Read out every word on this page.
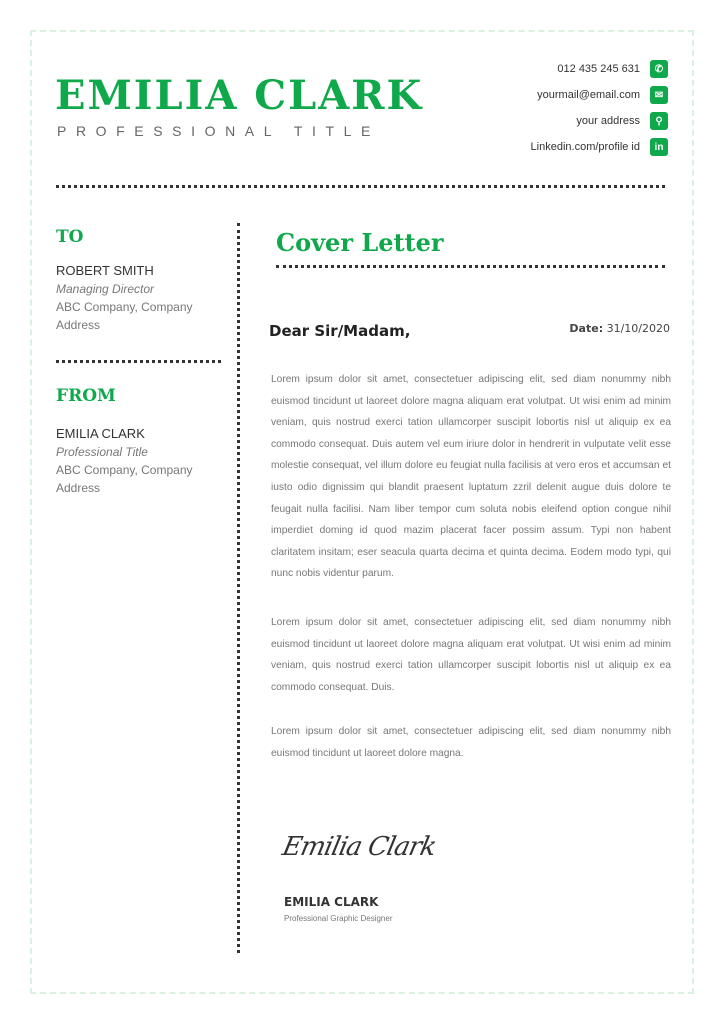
EMILIA CLARK
PROFESSIONAL TITLE
012 435 245 631	✆
yourmail@email.com	✉
your address	⚲
Linkedin.com/profile id	in
TO
ROBERT SMITH
Managing Director
ABC Company, Company Address
FROM
EMILIA CLARK
Professional Title
ABC Company, Company Address
Cover Letter
Dear Sir/Madam,	Date: 31/10/2020
Lorem ipsum dolor sit amet, consectetuer adipiscing elit, sed diam nonummy nibh euismod tincidunt ut laoreet dolore magna aliquam erat volutpat. Ut wisi enim ad minim veniam, quis nostrud exerci tation ullamcorper suscipit lobortis nisl ut aliquip ex ea commodo consequat. Duis autem vel eum iriure dolor in hendrerit in vulputate velit esse molestie consequat, vel illum dolore eu feugiat nulla facilisis at vero eros et accumsan et iusto odio dignissim qui blandit praesent luptatum zzril delenit augue duis dolore te feugait nulla facilisi. Nam liber tempor cum soluta nobis eleifend option congue nihil imperdiet doming id quod mazim placerat facer possim assum. Typi non habent claritatem insitam; eser seacula quarta decima et quinta decima. Eodem modo typi, qui nunc nobis videntur parum.
Lorem ipsum dolor sit amet, consectetuer adipiscing elit, sed diam nonummy nibh euismod tincidunt ut laoreet dolore magna aliquam erat volutpat. Ut wisi enim ad minim veniam, quis nostrud exerci tation ullamcorper suscipit lobortis nisl ut aliquip ex ea commodo consequat. Duis.
Lorem ipsum dolor sit amet, consectetuer adipiscing elit, sed diam nonummy nibh euismod tincidunt ut laoreet dolore magna.
Emilia Clark
EMILIA CLARK
Professional Graphic Designer
